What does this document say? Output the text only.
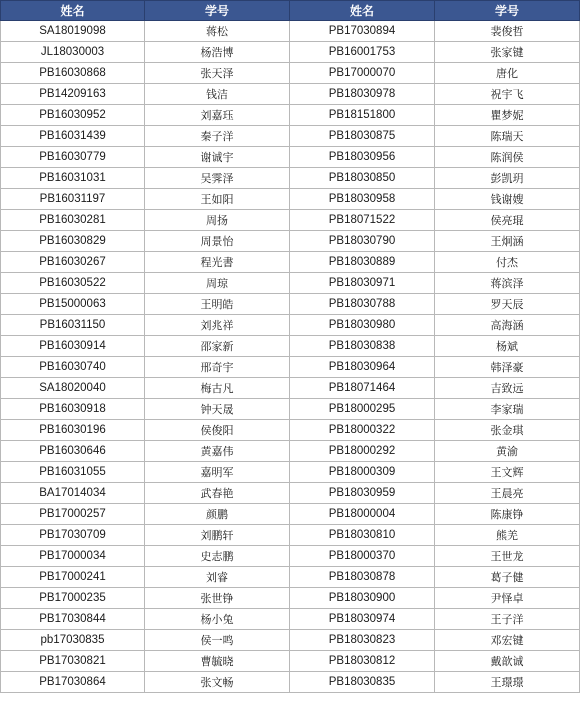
姓名	学号	姓名	学号
SA18019098	蒋松	PB17030894	裴俊哲
JL18030003	杨浩博	PB16001753	张家键
PB16030868	张天泽	PB17000070	唐化
PB14209163	钱洁	PB18030978	祝宇飞
PB16030952	刘嘉珏	PB18151800	瞿梦妮
PB16031439	秦子洋	PB18030875	陈瑞天
PB16030779	谢诚宇	PB18030956	陈润侯
PB16031031	吴霁泽	PB18030850	彭凯玥
PB16031197	王如阳	PB18030958	钱谢嫂
PB16030281	周扬	PB18071522	侯亮琨
PB16030829	周景怡	PB18030790	王炯涵
PB16030267	程光書	PB18030889	付杰
PB16030522	周琼	PB18030971	蒋滨泽
PB15000063	王明皓	PB18030788	罗天辰
PB16031150	刘兆祥	PB18030980	高海涵
PB16030914	邵家新	PB18030838	杨斌
PB16030740	邢奇宇	PB18030964	韩泽豪
SA18020040	梅古凡	PB18071464	吉致远
PB16030918	钟天晟	PB18000295	李家瑞
PB16030196	侯俊阳	PB18000322	张金琪
PB16030646	黄嘉伟	PB18000292	黄渝
PB16031055	嘉明军	PB18000309	王文辉
BA17014034	武春艳	PB18030959	王晨亮
PB17000257	颜鹏	PB18000004	陈康铮
PB17030709	刘鹏轩	PB18030810	熊羌
PB17000034	史志鹏	PB18000370	王世龙
PB17000241	刘睿	PB18030878	葛子健
PB17000235	张世铮	PB18030900	尹怿卓
PB17030844	杨小兔	PB18030974	王子洋
pb17030835	侯一鸣	PB18030823	邓宏键
PB17030821	曹毓晓	PB18030812	戴歆诚
PB17030864	张文畅	PB18030835	王璟璟
